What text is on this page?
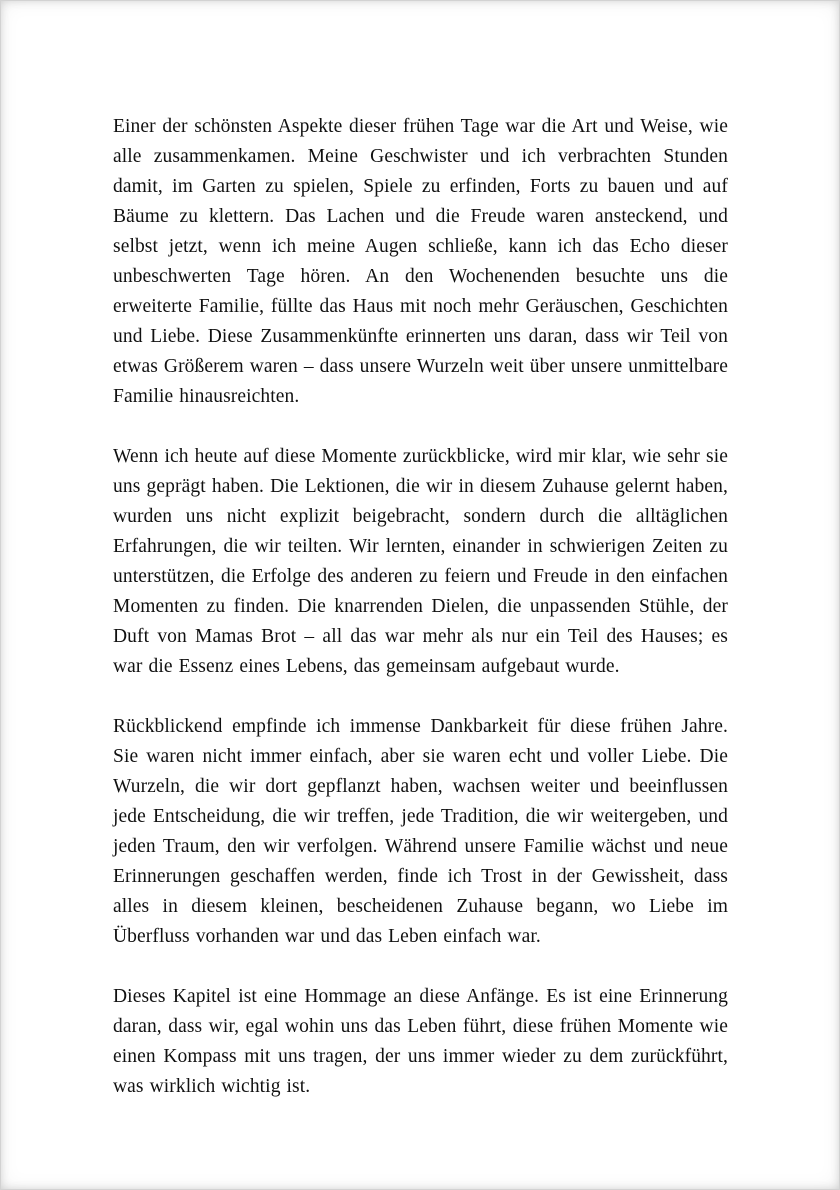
Einer der schönsten Aspekte dieser frühen Tage war die Art und Weise, wie alle zusammenkamen. Meine Geschwister und ich verbrachten Stunden damit, im Garten zu spielen, Spiele zu erfinden, Forts zu bauen und auf Bäume zu klettern. Das Lachen und die Freude waren ansteckend, und selbst jetzt, wenn ich meine Augen schließe, kann ich das Echo dieser unbeschwerten Tage hören. An den Wochenenden besuchte uns die erweiterte Familie, füllte das Haus mit noch mehr Geräuschen, Geschichten und Liebe. Diese Zusammenkünfte erinnerten uns daran, dass wir Teil von etwas Größerem waren – dass unsere Wurzeln weit über unsere unmittelbare Familie hinausreichten.

Wenn ich heute auf diese Momente zurückblicke, wird mir klar, wie sehr sie uns geprägt haben. Die Lektionen, die wir in diesem Zuhause gelernt haben, wurden uns nicht explizit beigebracht, sondern durch die alltäglichen Erfahrungen, die wir teilten. Wir lernten, einander in schwierigen Zeiten zu unterstützen, die Erfolge des anderen zu feiern und Freude in den einfachen Momenten zu finden. Die knarrenden Dielen, die unpassenden Stühle, der Duft von Mamas Brot – all das war mehr als nur ein Teil des Hauses; es war die Essenz eines Lebens, das gemeinsam aufgebaut wurde.

Rückblickend empfinde ich immense Dankbarkeit für diese frühen Jahre. Sie waren nicht immer einfach, aber sie waren echt und voller Liebe. Die Wurzeln, die wir dort gepflanzt haben, wachsen weiter und beeinflussen jede Entscheidung, die wir treffen, jede Tradition, die wir weitergeben, und jeden Traum, den wir verfolgen. Während unsere Familie wächst und neue Erinnerungen geschaffen werden, finde ich Trost in der Gewissheit, dass alles in diesem kleinen, bescheidenen Zuhause begann, wo Liebe im Überfluss vorhanden war und das Leben einfach war.

Dieses Kapitel ist eine Hommage an diese Anfänge. Es ist eine Erinnerung daran, dass wir, egal wohin uns das Leben führt, diese frühen Momente wie einen Kompass mit uns tragen, der uns immer wieder zu dem zurückführt, was wirklich wichtig ist.
